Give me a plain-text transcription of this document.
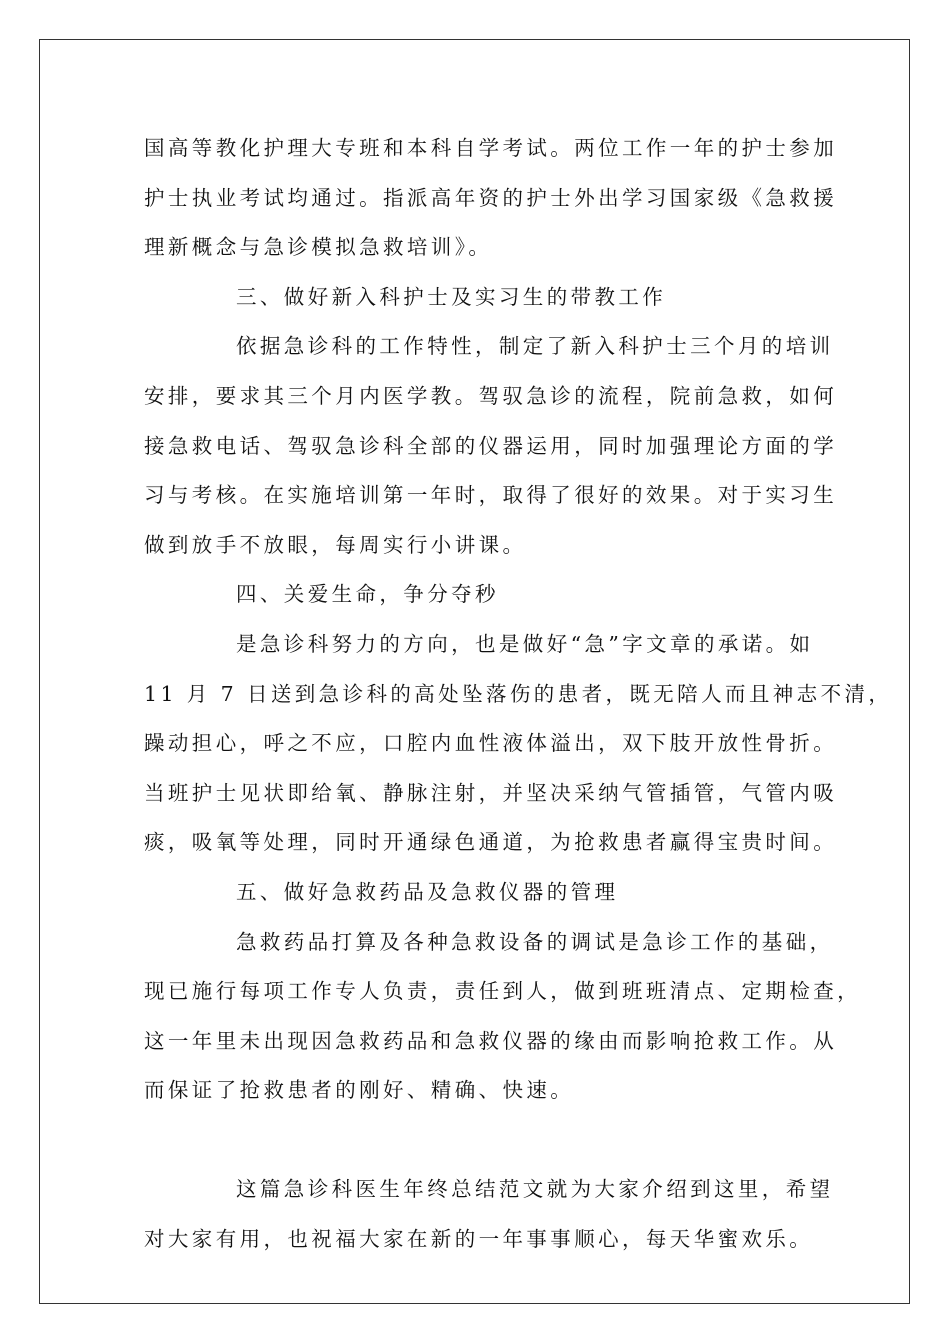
国高等教化护理大专班和本科自学考试。两位工作一年的护士参加
护士执业考试均通过。指派高年资的护士外出学习国家级《急救援
理新概念与急诊模拟急救培训》。
三、做好新入科护士及实习生的带教工作
依据急诊科的工作特性，制定了新入科护士三个月的培训
安排，要求其三个月内医学教。驾驭急诊的流程，院前急救，如何
接急救电话、驾驭急诊科全部的仪器运用，同时加强理论方面的学
习与考核。在实施培训第一年时，取得了很好的效果。对于实习生
做到放手不放眼，每周实行小讲课。
四、关爱生命，争分夺秒
是急诊科努力的方向，也是做好“急”字文章的承诺。如
11 月 7 日送到急诊科的高处坠落伤的患者，既无陪人而且神志不清，
躁动担心，呼之不应，口腔内血性液体溢出，双下肢开放性骨折。
当班护士见状即给氧、静脉注射，并坚决采纳气管插管，气管内吸
痰，吸氧等处理，同时开通绿色通道，为抢救患者赢得宝贵时间。
五、做好急救药品及急救仪器的管理
急救药品打算及各种急救设备的调试是急诊工作的基础，
现已施行每项工作专人负责，责任到人，做到班班清点、定期检查，
这一年里未出现因急救药品和急救仪器的缘由而影响抢救工作。从
而保证了抢救患者的刚好、精确、快速。
这篇急诊科医生年终总结范文就为大家介绍到这里，希望
对大家有用，也祝福大家在新的一年事事顺心，每天华蜜欢乐。
